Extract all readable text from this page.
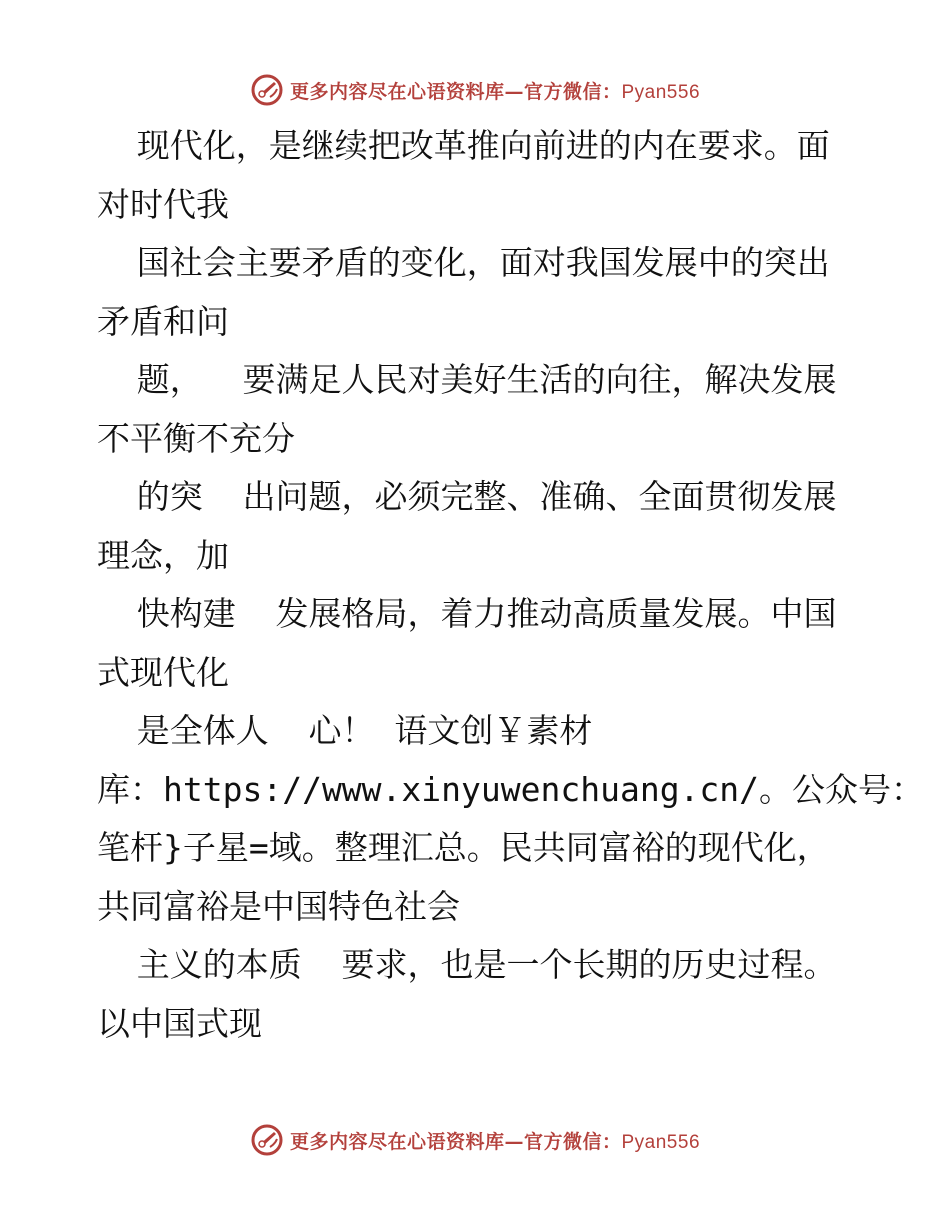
更多内容尽在心语资料库—官方微信：Pyan556
现代化，是继续把改革推向前进的内在要求。面
对时代我
国社会主要矛盾的变化，面对我国发展中的突出
矛盾和问
题，  要满足人民对美好生活的向往，解决发展
不平衡不充分
的突  出问题，必须完整、准确、全面贯彻发展
理念，加
快构建  发展格局，着力推动高质量发展。中国
式现代化
是全体人  心！ 语文创￥素材
库：https://www.xinyuwenchuang.cn/。公众号：
笔杆}子星=域。整理汇总。民共同富裕的现代化，
共同富裕是中国特色社会
主义的本质  要求，也是一个长期的历史过程。
以中国式现
更多内容尽在心语资料库—官方微信：Pyan556
